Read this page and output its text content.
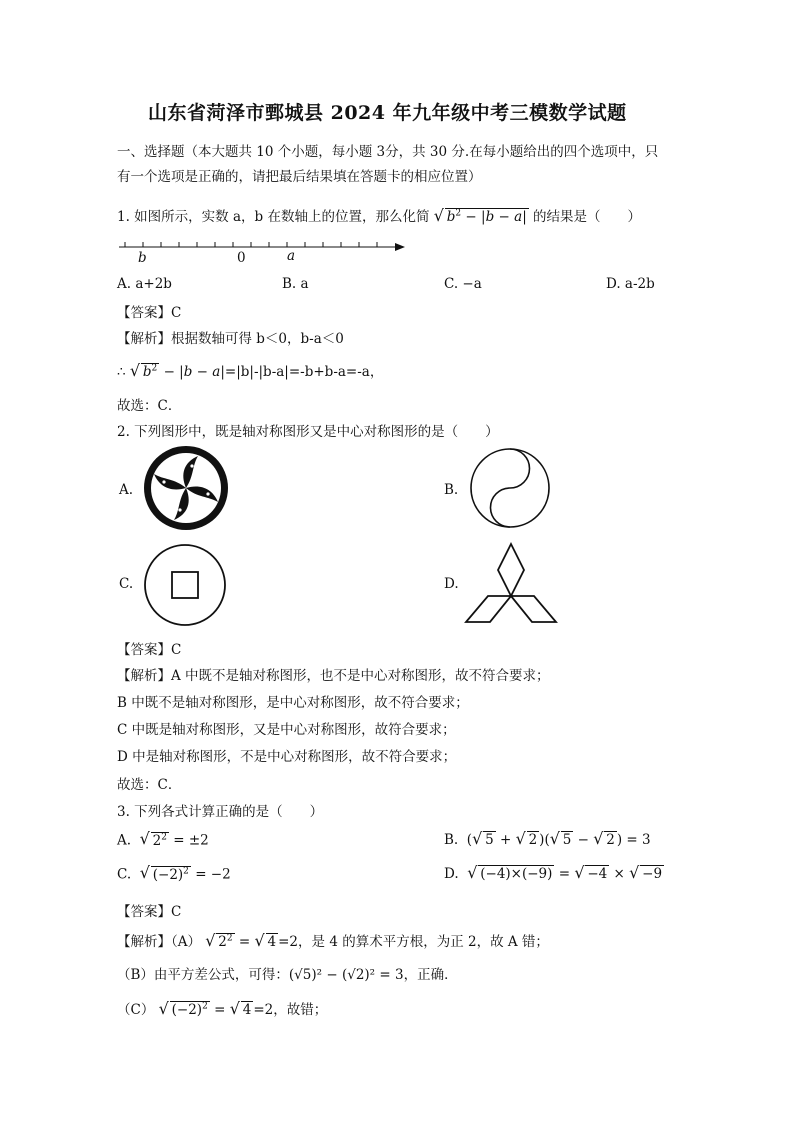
山东省菏泽市鄄城县 2024 年九年级中考三模数学试题
一、选择题（本大题共 10 个小题，每小题 3分，共 30 分.在每小题给出的四个选项中，只
有一个选项是正确的，请把最后结果填在答题卡的相应位置）
1. 如图所示，实数 a，b 在数轴上的位置，那么化简 √ $b^2 - |b - a|$ 的结果是（　　）
b	0	a
A. a+2b	B. a	C. −a	D. a-2b
【答案】C
【解析】根据数轴可得 b＜0，b-a＜0
∴ √ $b^2 - |b - a|=|b|-|b-a|=-b+b-a=-a$，
故选：C．
2. 下列图形中，既是轴对称图形又是中心对称图形的是（　　）
A.	B.
C.	D.
【答案】C
【解析】A 中既不是轴对称图形，也不是中心对称图形，故不符合要求；
B 中既不是轴对称图形，是中心对称图形，故不符合要求；
C 中既是轴对称图形，又是中心对称图形，故符合要求；
D 中是轴对称图形，不是中心对称图形，故不符合要求；
故选：C．
3. 下列各式计算正确的是（　　）
A. √ $2^2 = \pm 2$	B.  ( √ 5 + √ 2 )( √ 5 − √ 2 ) = 3
C. √ $(-2)^2 = -2$	D. √ (−4)×(−9) = √ −4 × √ −9
【答案】C
【解析】（A） √ $2^2$ = √ 4 =2，是 4 的算术平方根，为正 2，故 A 错；
（B）由平方差公式，可得：(√5)² − (√2)² = 3，正确．
（C） √ $(-2)^2$ = √ 4 =2，故错；
